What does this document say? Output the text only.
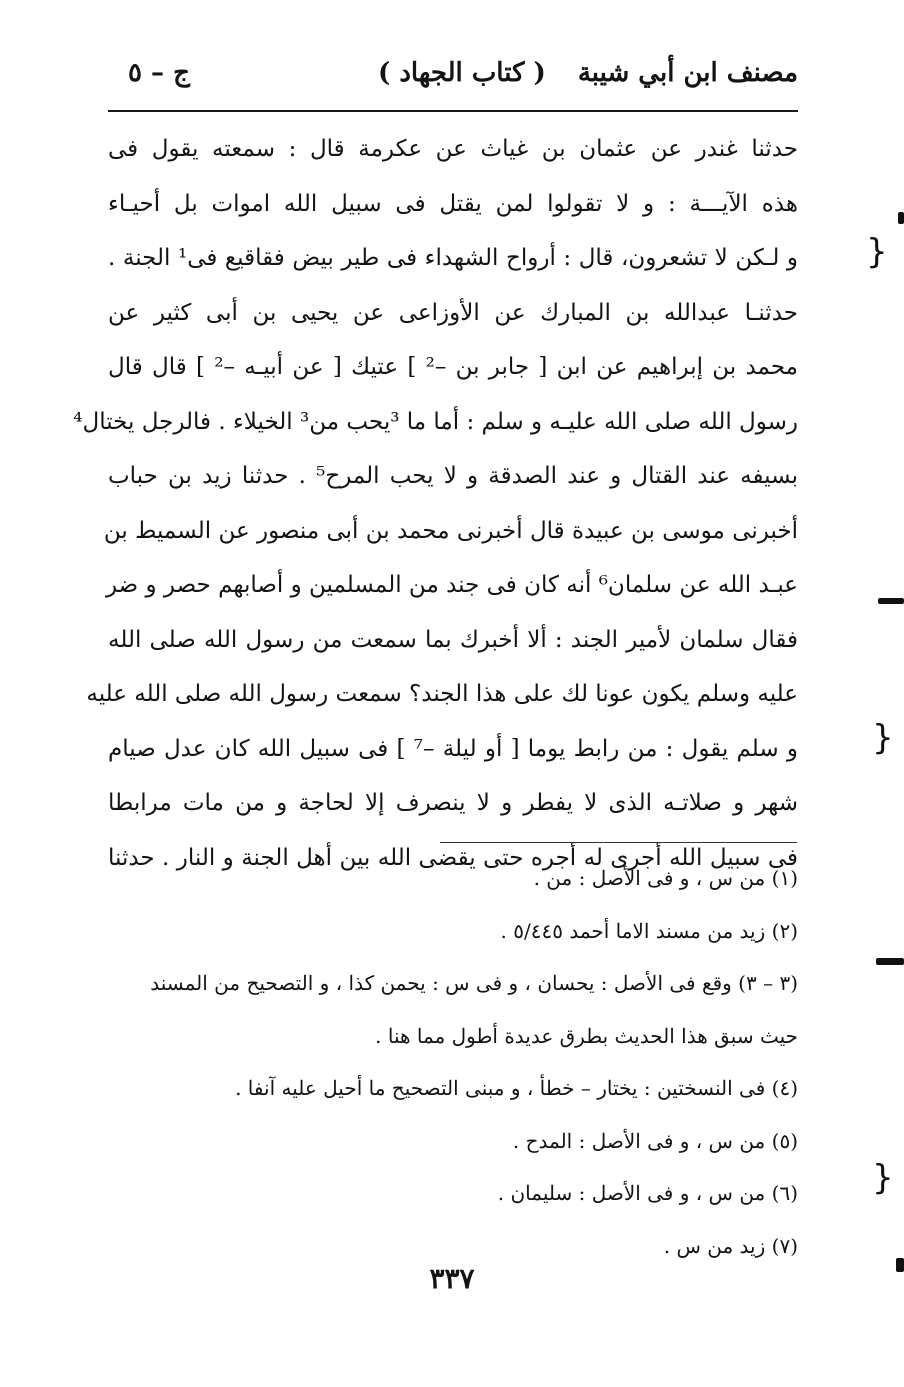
مصنف ابن أبي شيبة
( كتاب الجهاد )
ج – ٥
حدثنا غندر عن عثمان بن غياث عن عكرمة قال : سمعته يقول فى
هذه الآيـــة : و لا تقولوا لمن يقتل فى سبيل الله اموات بل أحيـاء
و لـكن لا تشعرون، قال : أرواح الشهداء فى طير بيض فقاقيع فى¹ الجنة .
حدثنـا عبدالله بن المبارك عن الأوزاعى عن يحيى بن أبى كثير عن
محمد بن إبراهيم عن ابن [ جابر بن –² ] عتيك [ عن أبيـه –² ] قال قال
رسول الله صلى الله عليـه و سلم : أما ما ³يحب من³ الخيلاء . فالرجل يختال⁴
بسيفه عند القتال و عند الصدقة و لا يحب المرح⁵ . حدثنا زيد بن حباب
أخبرنى موسى بن عبيدة قال أخبرنى محمد بن أبى منصور عن السميط بن
عبـد الله عن سلمان⁶ أنه كان فى جند من المسلمين و أصابهم حصر و ضر
فقال سلمان لأمير الجند : ألا أخبرك بما سمعت من رسول الله صلى الله
عليه وسلم يكون عونا لك على هذا الجند؟ سمعت رسول الله صلى الله عليه
و سلم يقول : من رابط يوما [ أو ليلة –⁷ ] فى سبيل الله كان عدل صيام
شهر و صلاتـه الذى لا يفطر و لا ينصرف إلا لحاجة و من مات مرابطا
فى سبيل الله أجرى له أجره حتى يقضى الله بين أهل الجنة و النار . حدثنا
(١) من س ، و فى الأصل : من .
(٢) زيد من مسند الاما أحمد ٥/٤٤٥ .
(٣ – ٣) وقع فى الأصل : يحسان ، و فى س : يحمن كذا ، و التصحيح من المسند
حيث سبق هذا الحديث بطرق عديدة أطول مما هنا .
(٤) فى النسختين : يختار – خطأ ، و مبنى التصحيح ما أحيل عليه آنفا .
(٥) من س ، و فى الأصل : المدح .
(٦) من س ، و فى الأصل : سليمان .
(٧) زيد من س .
٣٣٧
}
}
}
